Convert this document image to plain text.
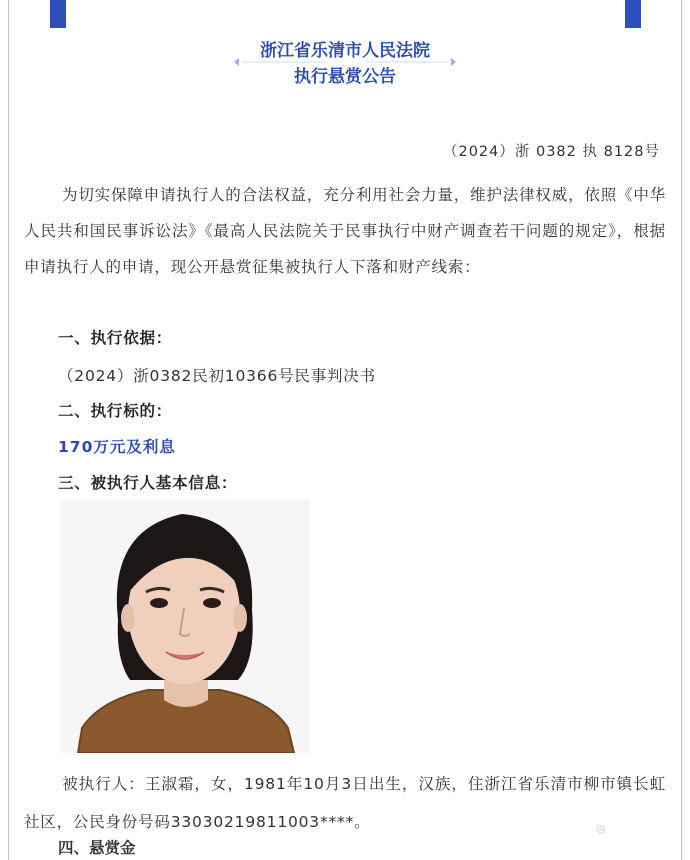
浙江省乐清市人民法院
执行悬赏公告
（2024）浙 0382 执 8128号
为切实保障申请执行人的合法权益，充分利用社会力量，维护法律权威，依照《中华人民共和国民事诉讼法》《最高人民法院关于民事执行中财产调查若干问题的规定》，根据申请执行人的申请，现公开悬赏征集被执行人下落和财产线索：
一、执行依据：
（2024）浙0382民初10366号民事判决书
二、执行标的：
170万元及利息
三、被执行人基本信息：
被执行人：王淑霜，女，1981年10月3日出生，汉族，住浙江省乐清市柳市镇长虹社区，公民身份号码33030219811003****。
四、悬赏金
◎
